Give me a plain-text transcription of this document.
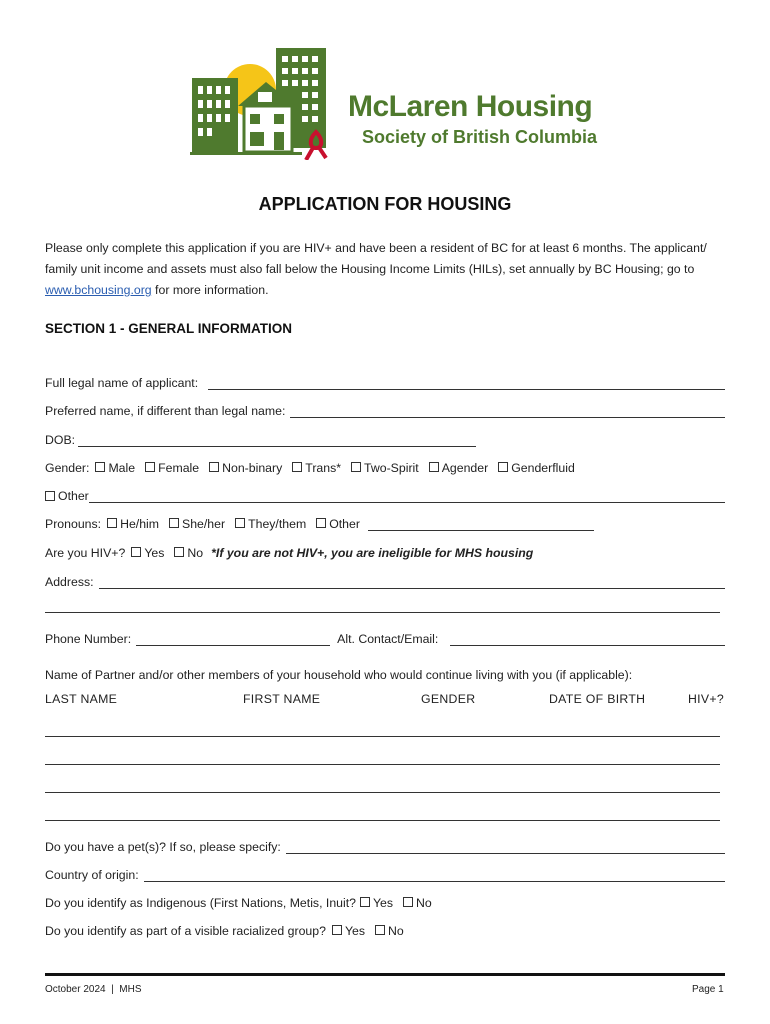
McLaren Housing
Society of British Columbia
APPLICATION FOR HOUSING
Please only complete this application if you are HIV+ and have been a resident of BC for at least 6 months. The applicant/ family unit income and assets must also fall below the Housing Income Limits (HILs), set annually by BC Housing; go to www.bchousing.org for more information.
SECTION 1 - GENERAL INFORMATION
Full legal name of applicant:
Preferred name, if different than legal name:
DOB:
Gender: Male Female Non-binary Trans* Two-Spirit Agender Genderfluid
Other
Pronouns: He/him She/her They/them Other
Are you HIV+? Yes No *If you are not HIV+, you are ineligible for MHS housing
Address:
Phone Number:	Alt. Contact/Email:
Name of Partner and/or other members of your household who would continue living with you (if applicable):
LAST NAME	FIRST NAME	GENDER	DATE OF BIRTH	HIV+?
Do you have a pet(s)? If so, please specify:
Country of origin:
Do you identify as Indigenous (First Nations, Metis, Inuit? Yes No
Do you identify as part of a visible racialized group? Yes No
October 2024  |  MHS	Page 1
